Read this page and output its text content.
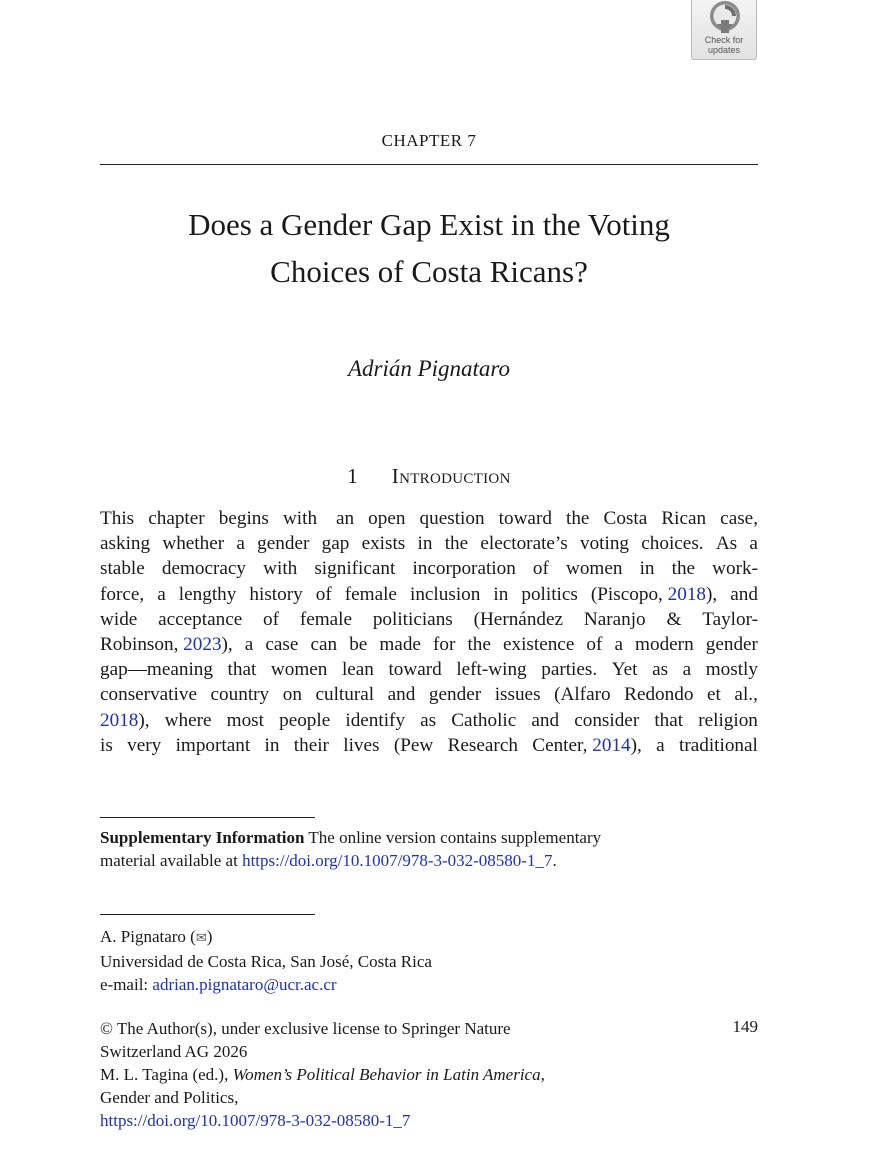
Check for
updates
CHAPTER 7
Does a Gender Gap Exist in the Voting
Choices of Costa Ricans?
Adrián Pignataro
1 Introduction
This chapter begins with an open question toward the Costa Rican case,
asking whether a gender gap exists in the electorate’s voting choices. As a
stable democracy with significant incorporation of women in the work-
force, a lengthy history of female inclusion in politics (Piscopo, 2018), and
wide acceptance of female politicians (Hernández Naranjo & Taylor-
Robinson, 2023), a case can be made for the existence of a modern gender
gap—meaning that women lean toward left-wing parties. Yet as a mostly
conservative country on cultural and gender issues (Alfaro Redondo et al.,
2018), where most people identify as Catholic and consider that religion
is very important in their lives (Pew Research Center, 2014), a traditional
Supplementary Information The online version contains supplementary
material available at https://doi.org/10.1007/978-3-032-08580-1_7.
A. Pignataro (✉)
Universidad de Costa Rica, San José, Costa Rica
e-mail: adrian.pignataro@ucr.ac.cr
© The Author(s), under exclusive license to Springer Nature
Switzerland AG 2026
M. L. Tagina (ed.), Women’s Political Behavior in Latin America,
Gender and Politics,
https://doi.org/10.1007/978-3-032-08580-1_7
149
